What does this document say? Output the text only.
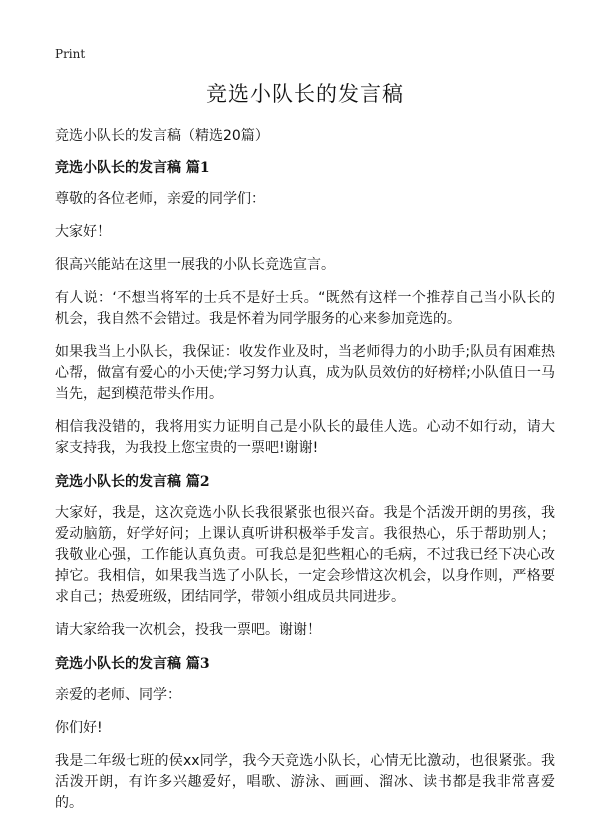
Print
竞选小队长的发言稿

竞选小队长的发言稿（精选20篇）

竞选小队长的发言稿 篇1

尊敬的各位老师，亲爱的同学们：

大家好！

很高兴能站在这里一展我的小队长竞选宣言。

有人说：‘不想当将军的士兵不是好士兵。“既然有这样一个推荐自己当小队长的机会，我自然不会错过。我是怀着为同学服务的心来参加竞选的。

如果我当上小队长，我保证：收发作业及时，当老师得力的小助手;队员有困难热心帮，做富有爱心的小天使;学习努力认真，成为队员效仿的好榜样;小队值日一马当先，起到模范带头作用。

相信我没错的，我将用实力证明自己是小队长的最佳人选。心动不如行动，请大家支持我，为我投上您宝贵的一票吧!谢谢!

竞选小队长的发言稿 篇2

大家好，我是，这次竞选小队长我很紧张也很兴奋。我是个活泼开朗的男孩，我爱动脑筋，好学好问；上课认真听讲积极举手发言。我很热心，乐于帮助别人；我敬业心强，工作能认真负责。可我总是犯些粗心的毛病，不过我已经下决心改掉它。我相信，如果我当选了小队长，一定会珍惜这次机会，以身作则，严格要求自己；热爱班级，团结同学，带领小组成员共同进步。

请大家给我一次机会，投我一票吧。谢谢！

竞选小队长的发言稿 篇3

亲爱的老师、同学：

你们好!

我是二年级七班的侯xx同学，我今天竞选小队长，心情无比激动，也很紧张。我活泼开朗，有许多兴趣爱好，唱歌、游泳、画画、溜冰、读书都是我非常喜爱的。
